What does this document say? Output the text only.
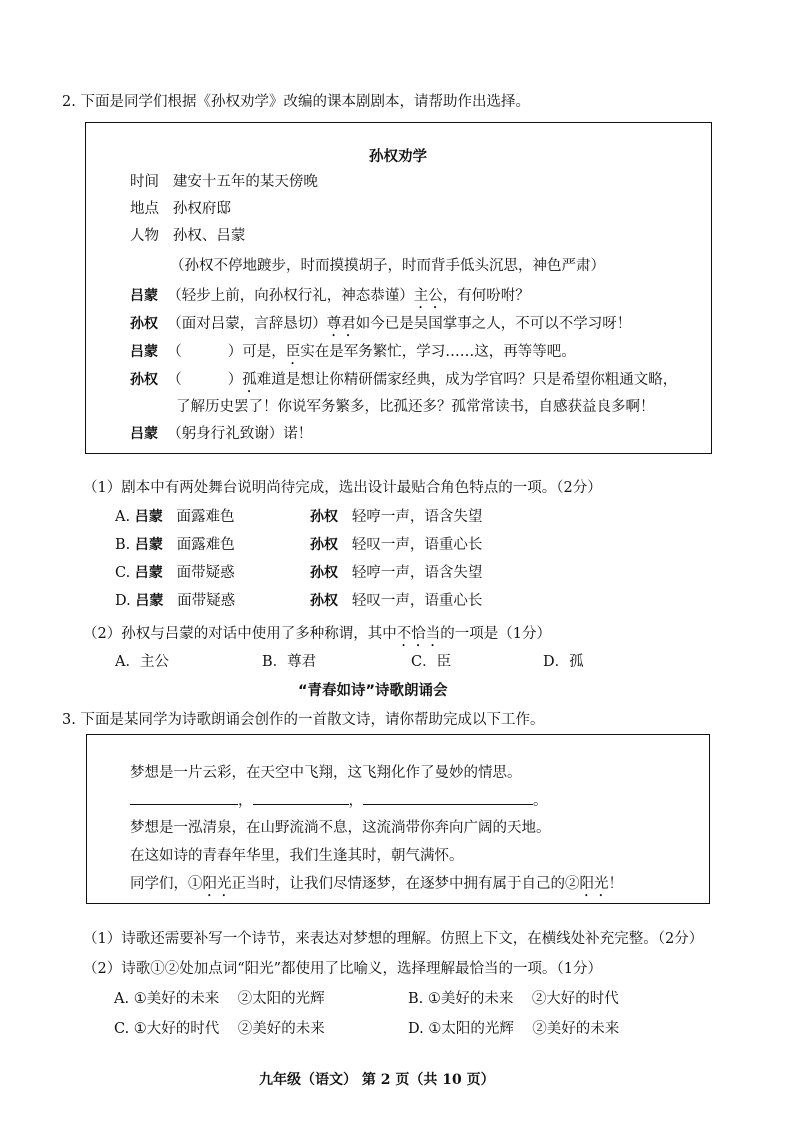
2. 下面是同学们根据《孙权劝学》改编的课本剧剧本，请帮助作出选择。
孙权劝学
时间 建安十五年的某天傍晚
地点 孙权府邸
人物 孙权、吕蒙
（孙权不停地踱步，时而摸摸胡子，时而背手低头沉思，神色严肃）
吕蒙 （轻步上前，向孙权行礼，神态恭谨）主公，有何吩咐？
孙权 （面对吕蒙，言辞恳切）尊君如今已是吴国掌事之人，不可以不学习呀！
吕蒙 （	）可是，臣实在是军务繁忙，学习……这，再等等吧。
孙权 （	）孤难道是想让你精研儒家经典，成为学官吗？只是希望你粗通文略，
了解历史罢了！你说军务繁多，比孤还多？孤常常读书，自感获益良多啊！
吕蒙 （躬身行礼致谢）诺！
（1）剧本中有两处舞台说明尚待完成，选出设计最贴合角色特点的一项。（2分）
A. 吕蒙 面露难色	孙权 轻哼一声，语含失望
B. 吕蒙 面露难色	孙权 轻叹一声，语重心长
C. 吕蒙 面带疑惑	孙权 轻哼一声，语含失望
D. 吕蒙 面带疑惑	孙权 轻叹一声，语重心长
（2）孙权与吕蒙的对话中使用了多种称谓，其中不恰当的一项是（1分）
A．主公	B．尊君	C．臣	D．孤
“青春如诗”诗歌朗诵会
3. 下面是某同学为诗歌朗诵会创作的一首散文诗，请你帮助完成以下工作。
梦想是一片云彩，在天空中飞翔，这飞翔化作了曼妙的情思。
，	，	。
梦想是一泓清泉，在山野流淌不息，这流淌带你奔向广阔的天地。
在这如诗的青春年华里，我们生逢其时，朝气满怀。
同学们，①阳光正当时，让我们尽情逐梦，在逐梦中拥有属于自己的②阳光！
（1）诗歌还需要补写一个诗节，来表达对梦想的理解。仿照上下文，在横线处补充完整。（2分）
（2）诗歌①②处加点词“阳光”都使用了比喻义，选择理解最恰当的一项。（1分）
A. ①美好的未来 ②太阳的光辉	B. ①美好的未来 ②大好的时代
C. ①大好的时代 ②美好的未来	D. ①太阳的光辉 ②美好的未来
九年级（语文） 第 2 页（共 10 页）
